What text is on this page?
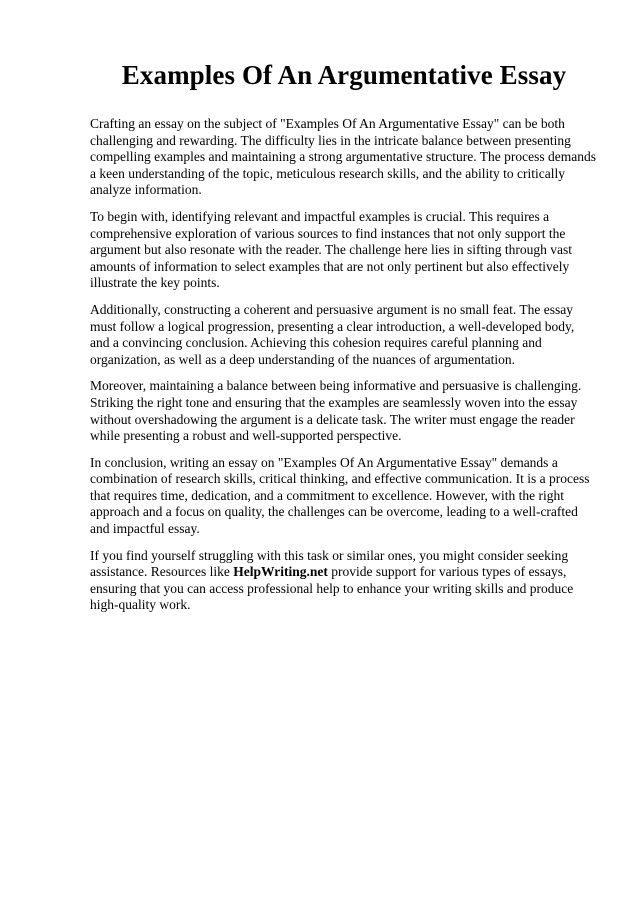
Examples Of An Argumentative Essay

Crafting an essay on the subject of "Examples Of An Argumentative Essay" can be both challenging and rewarding. The difficulty lies in the intricate balance between presenting compelling examples and maintaining a strong argumentative structure. The process demands a keen understanding of the topic, meticulous research skills, and the ability to critically analyze information.

To begin with, identifying relevant and impactful examples is crucial. This requires a comprehensive exploration of various sources to find instances that not only support the argument but also resonate with the reader. The challenge here lies in sifting through vast amounts of information to select examples that are not only pertinent but also effectively illustrate the key points.

Additionally, constructing a coherent and persuasive argument is no small feat. The essay must follow a logical progression, presenting a clear introduction, a well-developed body, and a convincing conclusion. Achieving this cohesion requires careful planning and organization, as well as a deep understanding of the nuances of argumentation.

Moreover, maintaining a balance between being informative and persuasive is challenging. Striking the right tone and ensuring that the examples are seamlessly woven into the essay without overshadowing the argument is a delicate task. The writer must engage the reader while presenting a robust and well-supported perspective.

In conclusion, writing an essay on "Examples Of An Argumentative Essay" demands a combination of research skills, critical thinking, and effective communication. It is a process that requires time, dedication, and a commitment to excellence. However, with the right approach and a focus on quality, the challenges can be overcome, leading to a well-crafted and impactful essay.

If you find yourself struggling with this task or similar ones, you might consider seeking assistance. Resources like HelpWriting.net provide support for various types of essays, ensuring that you can access professional help to enhance your writing skills and produce high-quality work.
